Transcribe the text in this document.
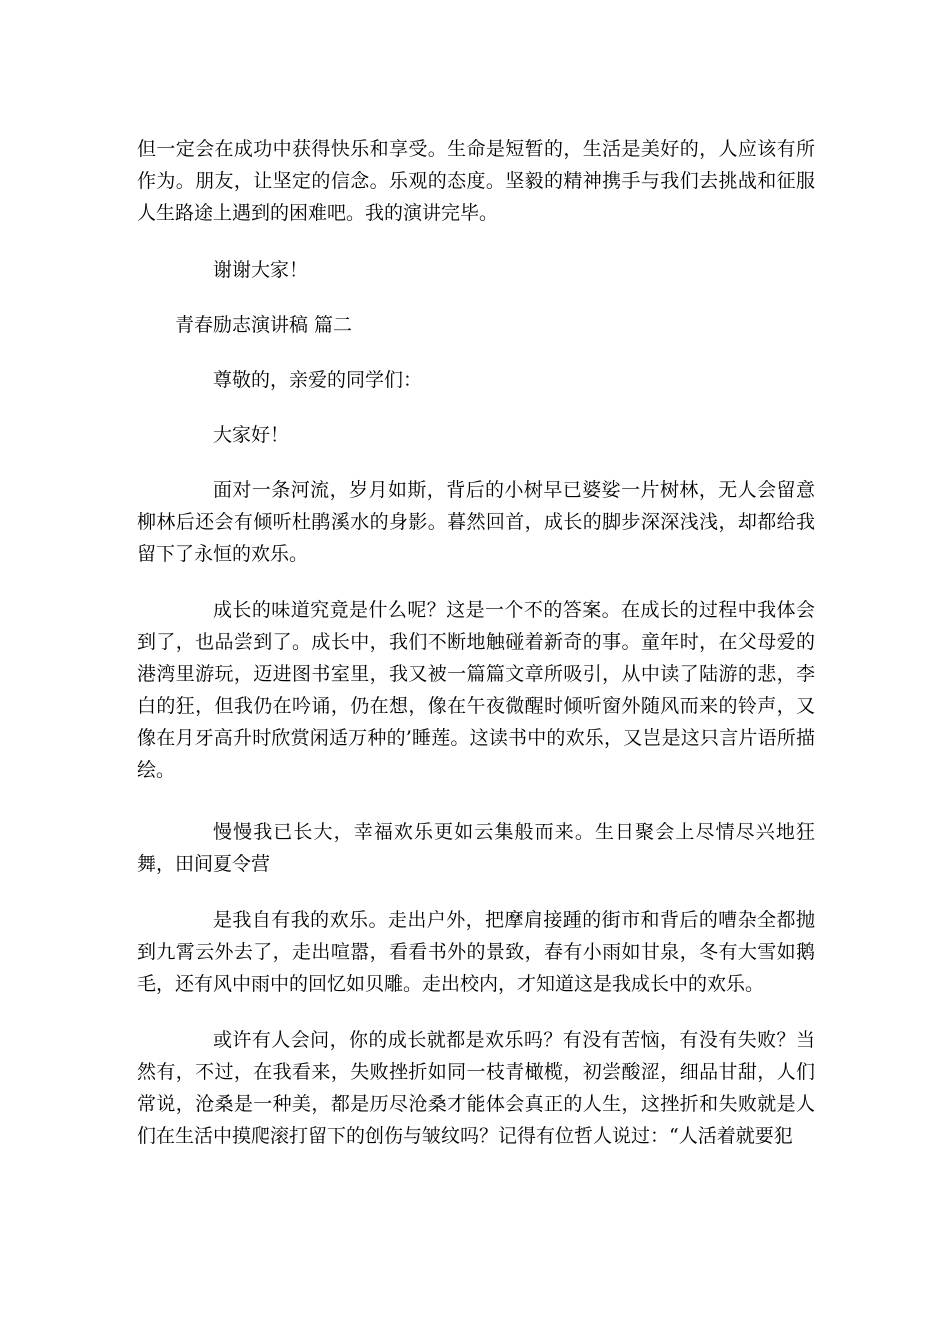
但一定会在成功中获得快乐和享受。生命是短暂的，生活是美好的，人应该有所作为。朋友，让坚定的信念。乐观的态度。坚毅的精神携手与我们去挑战和征服人生路途上遇到的困难吧。我的演讲完毕。

谢谢大家！

青春励志演讲稿 篇二

尊敬的，亲爱的同学们：

大家好！

面对一条河流，岁月如斯，背后的小树早已婆娑一片树林，无人会留意柳林后还会有倾听杜鹃溪水的身影。暮然回首，成长的脚步深深浅浅，却都给我留下了永恒的欢乐。

成长的味道究竟是什么呢？这是一个不的答案。在成长的过程中我体会到了，也品尝到了。成长中，我们不断地触碰着新奇的事。童年时，在父母爱的港湾里游玩，迈进图书室里，我又被一篇篇文章所吸引，从中读了陆游的悲，李白的狂，但我仍在吟诵，仍在想，像在午夜微醒时倾听窗外随风而来的铃声，又像在月牙高升时欣赏闲适万种的’睡莲。这读书中的欢乐，又岂是这只言片语所描绘。

慢慢我已长大，幸福欢乐更如云集般而来。生日聚会上尽情尽兴地狂舞，田间夏令营

是我自有我的欢乐。走出户外，把摩肩接踵的街市和背后的嘈杂全都抛到九霄云外去了，走出喧嚣，看看书外的景致，春有小雨如甘泉，冬有大雪如鹅毛，还有风中雨中的回忆如贝雕。走出校内，才知道这是我成长中的欢乐。

或许有人会问，你的成长就都是欢乐吗？有没有苦恼，有没有失败？当然有，不过，在我看来，失败挫折如同一枝青橄榄，初尝酸涩，细品甘甜，人们常说，沧桑是一种美，都是历尽沧桑才能体会真正的人生，这挫折和失败就是人们在生活中摸爬滚打留下的创伤与皱纹吗？记得有位哲人说过：“人活着就要犯
